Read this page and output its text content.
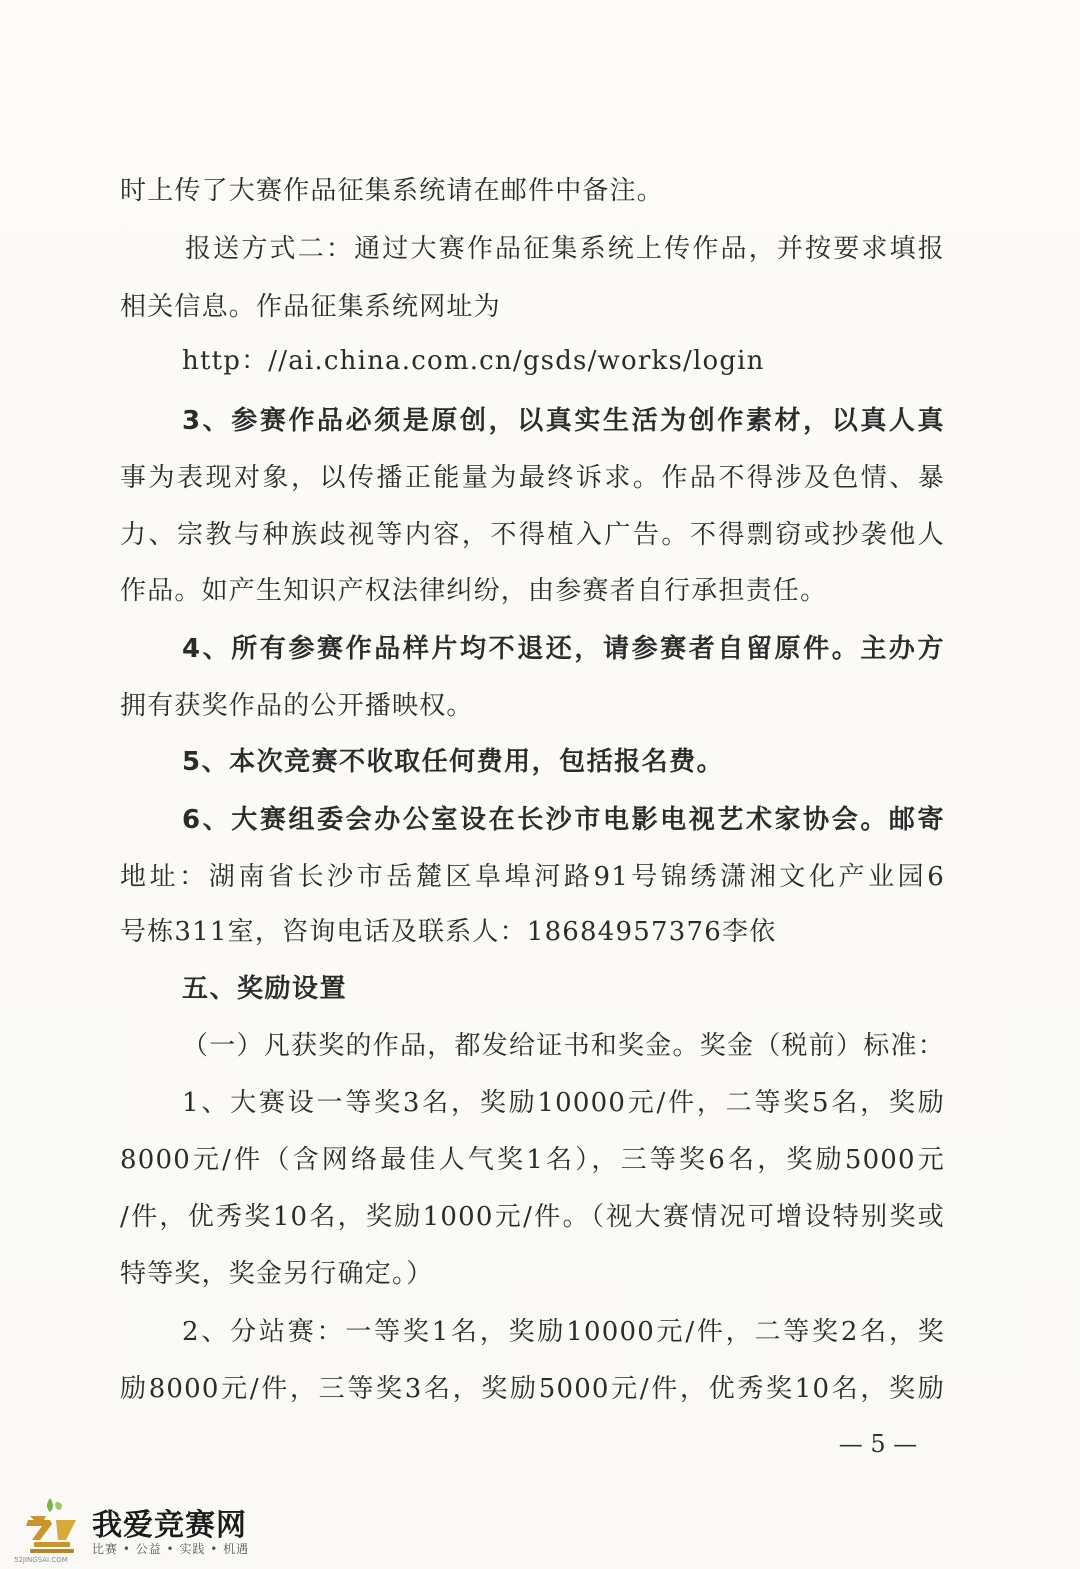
时上传了大赛作品征集系统请在邮件中备注。
报送方式二：通过大赛作品征集系统上传作品，并按要求填报
相关信息。作品征集系统网址为
http：//ai.china.com.cn/gsds/works/login
3、参赛作品必须是原创，以真实生活为创作素材，以真人真
事为表现对象，以传播正能量为最终诉求。作品不得涉及色情、暴
力、宗教与种族歧视等内容，不得植入广告。不得剽窃或抄袭他人
作品。如产生知识产权法律纠纷，由参赛者自行承担责任。
4、所有参赛作品样片均不退还，请参赛者自留原件。主办方
拥有获奖作品的公开播映权。
5、本次竞赛不收取任何费用，包括报名费。
6、大赛组委会办公室设在长沙市电影电视艺术家协会。邮寄
地址：湖南省长沙市岳麓区阜埠河路91号锦绣潇湘文化产业园6
号栋311室，咨询电话及联系人：18684957376李依
五、奖励设置
（一）凡获奖的作品，都发给证书和奖金。奖金（税前）标准：
1、大赛设一等奖3名，奖励10000元/件，二等奖5名，奖励
8000元/件（含网络最佳人气奖1名），三等奖6名，奖励5000元
/件，优秀奖10名，奖励1000元/件。（视大赛情况可增设特别奖或
特等奖，奖金另行确定。）
2、分站赛：一等奖1名，奖励10000元/件，二等奖2名，奖
励8000元/件，三等奖3名，奖励5000元/件，优秀奖10名，奖励
— 5 —
我爱竞赛网
比赛 • 公益 • 实践 • 机遇
52JINGSAI.COM
